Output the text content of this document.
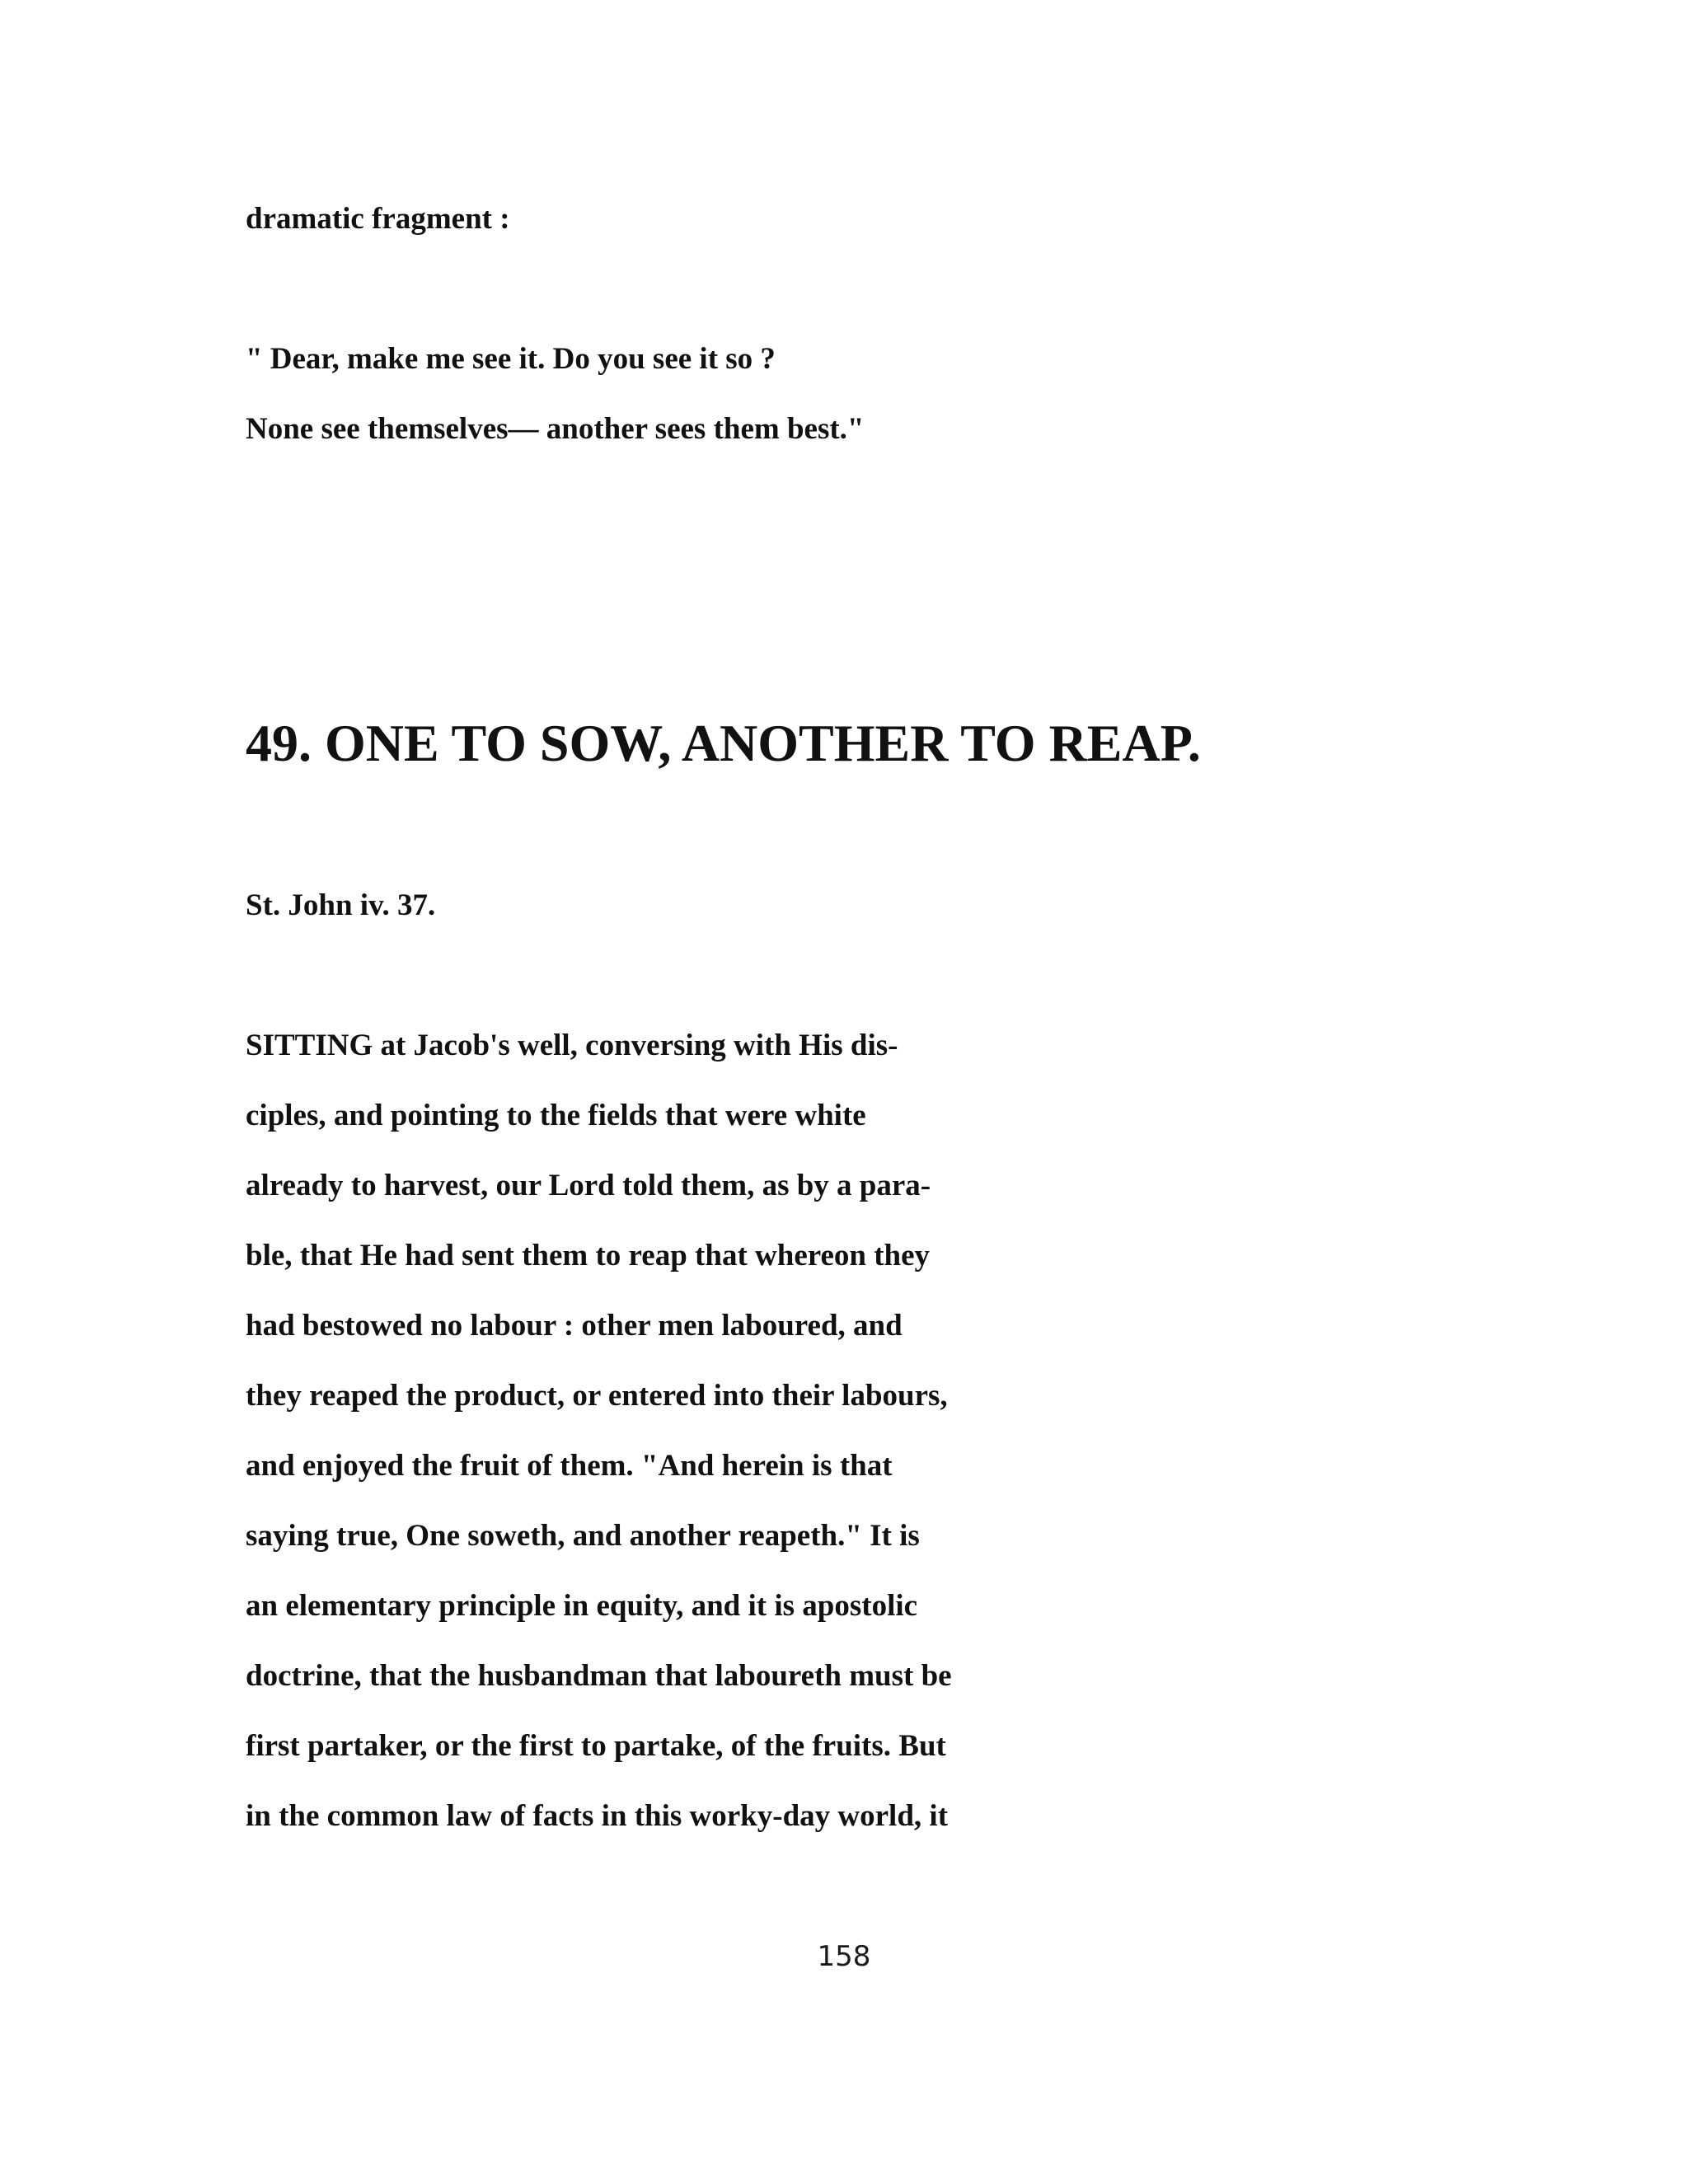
dramatic fragment :

" Dear, make me see it. Do you see it so ?

None see themselves— another sees them best."

49. ONE TO SOW, ANOTHER TO REAP.

St. John iv. 37.

SITTING at Jacob's well, conversing with His dis-

ciples, and pointing to the fields that were white

already to harvest, our Lord told them, as by a para-

ble, that He had sent them to reap that whereon they

had bestowed no labour : other men laboured, and

they reaped the product, or entered into their labours,

and enjoyed the fruit of them. "And herein is that

saying true, One soweth, and another reapeth." It is

an elementary principle in equity, and it is apostolic

doctrine, that the husbandman that laboureth must be

first partaker, or the first to partake, of the fruits. But

in the common law of facts in this worky-day world, it

158
